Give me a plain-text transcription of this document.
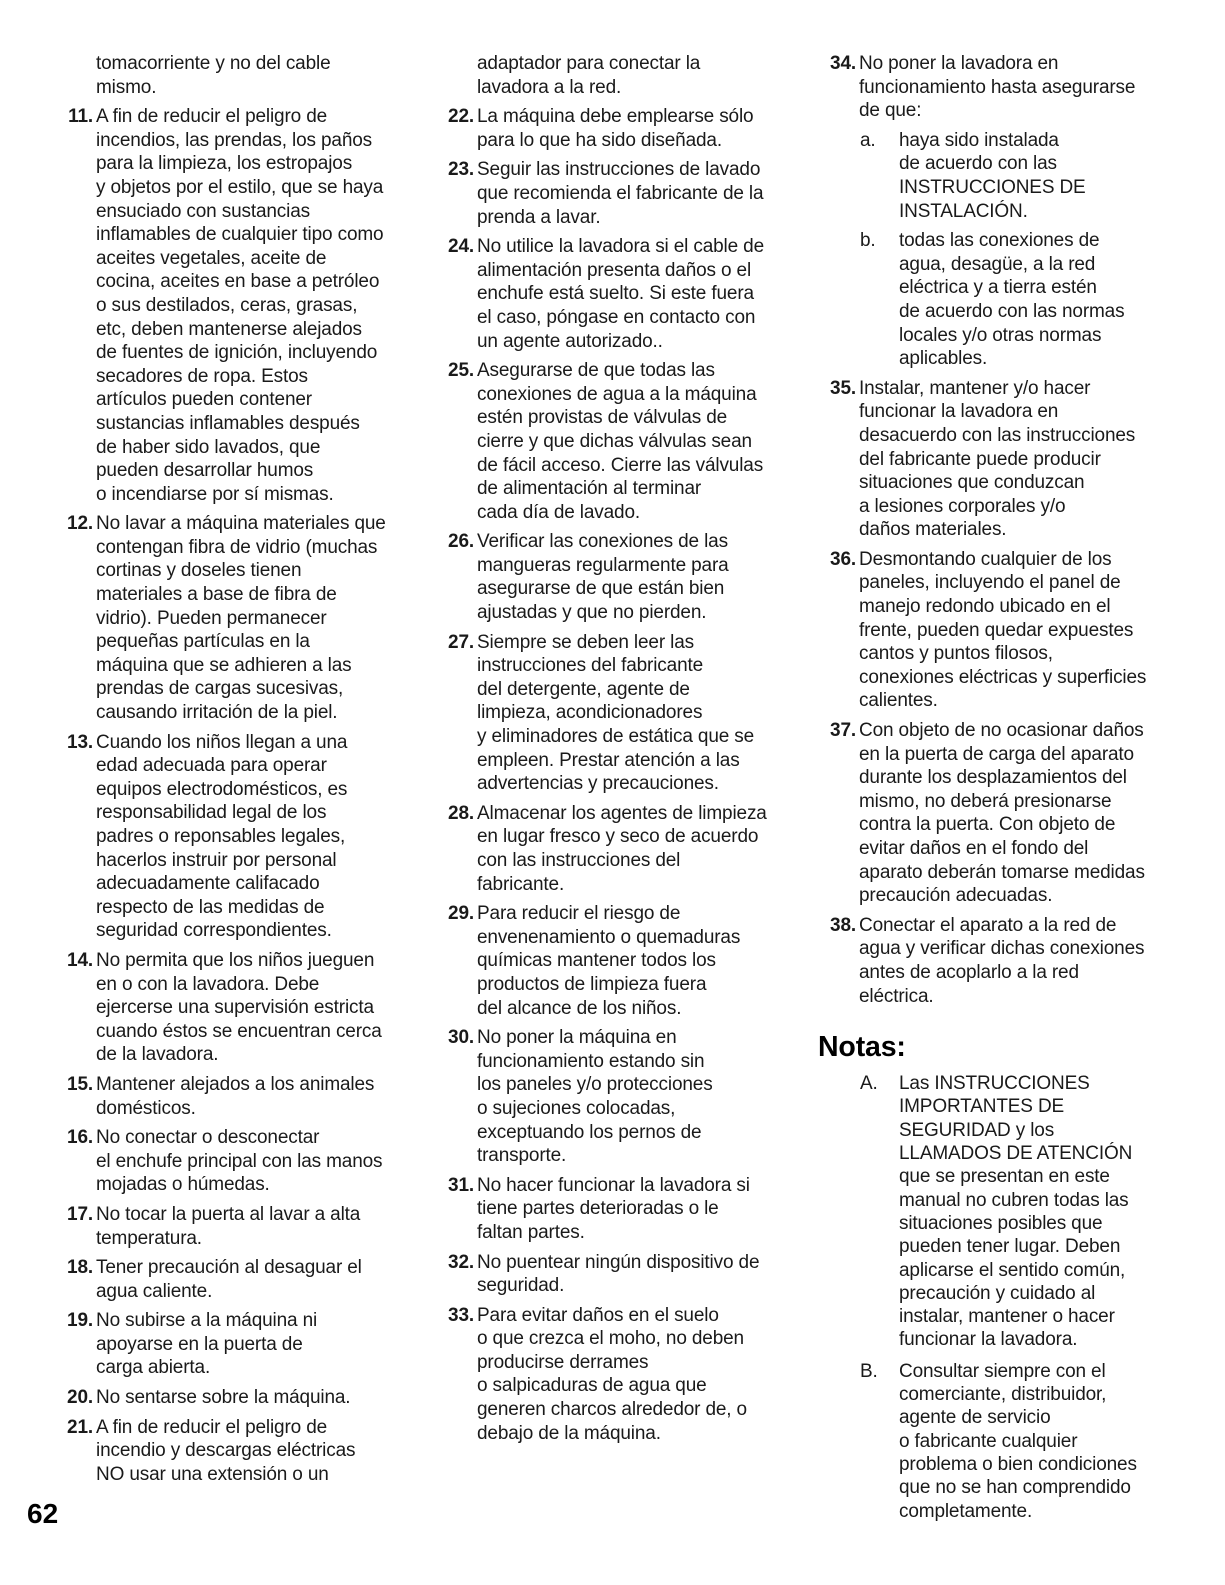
tomacorriente y no del cable
mismo.
11. A fin de reducir el peligro de
incendios, las prendas, los paños
para la limpieza, los estropajos
y objetos por el estilo, que se haya
ensuciado con sustancias
inflamables de cualquier tipo como
aceites vegetales, aceite de
cocina, aceites en base a petróleo
o sus destilados, ceras, grasas,
etc, deben mantenerse alejados
de fuentes de ignición, incluyendo
secadores de ropa. Estos
artículos pueden contener
sustancias inflamables después
de haber sido lavados, que
pueden desarrollar humos
o incendiarse por sí mismas.
12. No lavar a máquina materiales que
contengan fibra de vidrio (muchas
cortinas y doseles tienen
materiales a base de fibra de
vidrio). Pueden permanecer
pequeñas partículas en la
máquina que se adhieren a las
prendas de cargas sucesivas,
causando irritación de la piel.
13. Cuando los niños llegan a una
edad adecuada para operar
equipos electrodomésticos, es
responsabilidad legal de los
padres o reponsables legales,
hacerlos instruir por personal
adecuadamente califacado
respecto de las medidas de
seguridad correspondientes.
14. No permita que los niños jueguen
en o con la lavadora. Debe
ejercerse una supervisión estricta
cuando éstos se encuentran cerca
de la lavadora.
15. Mantener alejados a los animales
domésticos.
16. No conectar o desconectar
el enchufe principal con las manos
mojadas o húmedas.
17. No tocar la puerta al lavar a alta
temperatura.
18. Tener precaución al desaguar el
agua caliente.
19. No subirse a la máquina ni
apoyarse en la puerta de
carga abierta.
20. No sentarse sobre la máquina.
21. A fin de reducir el peligro de
incendio y descargas eléctricas
NO usar una extensión o un
adaptador para conectar la
lavadora a la red.
22. La máquina debe emplearse sólo
para lo que ha sido diseñada.
23. Seguir las instrucciones de lavado
que recomienda el fabricante de la
prenda a lavar.
24. No utilice la lavadora si el cable de
alimentación presenta daños o el
enchufe está suelto. Si este fuera
el caso, póngase en contacto con
un agente autorizado..
25. Asegurarse de que todas las
conexiones de agua a la máquina
estén provistas de válvulas de
cierre y que dichas válvulas sean
de fácil acceso. Cierre las válvulas
de alimentación al terminar
cada día de lavado.
26. Verificar las conexiones de las
mangueras regularmente para
asegurarse de que están bien
ajustadas y que no pierden.
27. Siempre se deben leer las
instrucciones del fabricante
del detergente, agente de
limpieza, acondicionadores
y eliminadores de estática que se
empleen. Prestar atención a las
advertencias y precauciones.
28. Almacenar los agentes de limpieza
en lugar fresco y seco de acuerdo
con las instrucciones del
fabricante.
29. Para reducir el riesgo de
envenenamiento o quemaduras
químicas mantener todos los
productos de limpieza fuera
del alcance de los niños.
30. No poner la máquina en
funcionamiento estando sin
los paneles y/o protecciones
o sujeciones colocadas,
exceptuando los pernos de
transporte.
31. No hacer funcionar la lavadora si
tiene partes deterioradas o le
faltan partes.
32. No puentear ningún dispositivo de
seguridad.
33. Para evitar daños en el suelo
o que crezca el moho, no deben
producirse derrames
o salpicaduras de agua que
generen charcos alrededor de, o
debajo de la máquina.
34. No poner la lavadora en
funcionamiento hasta asegurarse
de que:
a. haya sido instalada
de acuerdo con las
INSTRUCCIONES DE
INSTALACIÓN.
b. todas las conexiones de
agua, desagüe, a la red
eléctrica y a tierra estén
de acuerdo con las normas
locales y/o otras normas
aplicables.
35. Instalar, mantener y/o hacer
funcionar la lavadora en
desacuerdo con las instrucciones
del fabricante puede producir
situaciones que conduzcan
a lesiones corporales y/o
daños materiales.
36. Desmontando cualquier de los
paneles, incluyendo el panel de
manejo redondo ubicado en el
frente, pueden quedar expuestes
cantos y puntos filosos,
conexiones eléctricas y superficies
calientes.
37. Con objeto de no ocasionar daños
en la puerta de carga del aparato
durante los desplazamientos del
mismo, no deberá presionarse
contra la puerta. Con objeto de
evitar daños en el fondo del
aparato deberán tomarse medidas
precaución adecuadas.
38. Conectar el aparato a la red de
agua y verificar dichas conexiones
antes de acoplarlo a la red
eléctrica.
Notas:
A. Las INSTRUCCIONES
IMPORTANTES DE
SEGURIDAD y los
LLAMADOS DE ATENCIÓN
que se presentan en este
manual no cubren todas las
situaciones posibles que
pueden tener lugar. Deben
aplicarse el sentido común,
precaución y cuidado al
instalar, mantener o hacer
funcionar la lavadora.
B. Consultar siempre con el
comerciante, distribuidor,
agente de servicio
o fabricante cualquier
problema o bien condiciones
que no se han comprendido
completamente.
62
